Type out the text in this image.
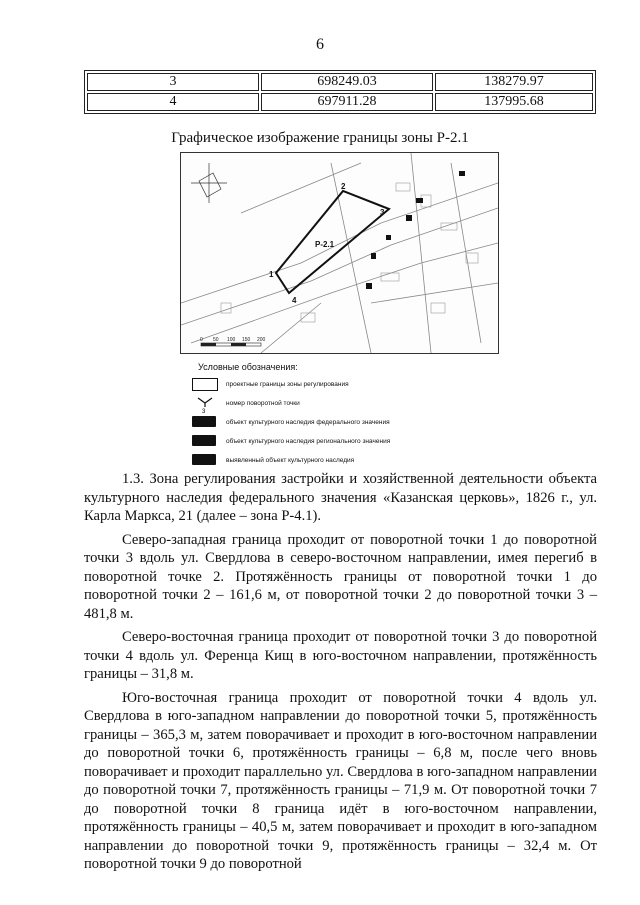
6
3	698249.03	138279.97
4	697911.28	137995.68
Графическое изображение границы зоны Р-2.1
Р-2.1
1
2
3
4
0 50 100 150 200
Условные обозначения:
проектные границы зоны регулирования
3
номер поворотной точки
объект культурного наследия федерального значения
объект культурного наследия регионального значения
выявленный объект культурного наследия

1.3. Зона регулирования застройки и хозяйственной деятельности объекта культурного наследия федерального значения «Казанская церковь», 1826 г., ул. Карла Маркса, 21 (далее – зона Р-4.1).

Северо-западная граница проходит от поворотной точки 1 до поворотной точки 3 вдоль ул. Свердлова в северо-восточном направлении, имея перегиб в поворотной точке 2. Протяжённость границы от поворотной точки 1 до поворотной точки 2 – 161,6 м, от поворотной точки 2 до поворотной точки 3 – 481,8 м.

Северо-восточная граница проходит от поворотной точки 3 до поворотной точки 4 вдоль ул. Ференца Кищ в юго-восточном направлении, протяжённость границы – 31,8 м.

Юго-восточная граница проходит от поворотной точки 4 вдоль ул. Свердлова в юго-западном направлении до поворотной точки 5, протяжённость границы – 365,3 м, затем поворачивает и проходит в юго-восточном направлении до поворотной точки 6, протяжённость границы – 6,8 м, после чего вновь поворачивает и проходит параллельно ул. Свердлова в юго-западном направлении до поворотной точки 7, протяжённость границы – 71,9 м. От поворотной точки 7 до поворотной точки 8 граница идёт в юго-восточном направлении, протяжённость границы – 40,5 м, затем поворачивает и проходит в юго-западном направлении до поворотной точки 9, протяжённость границы – 32,4 м. От поворотной точки 9 до поворотной
